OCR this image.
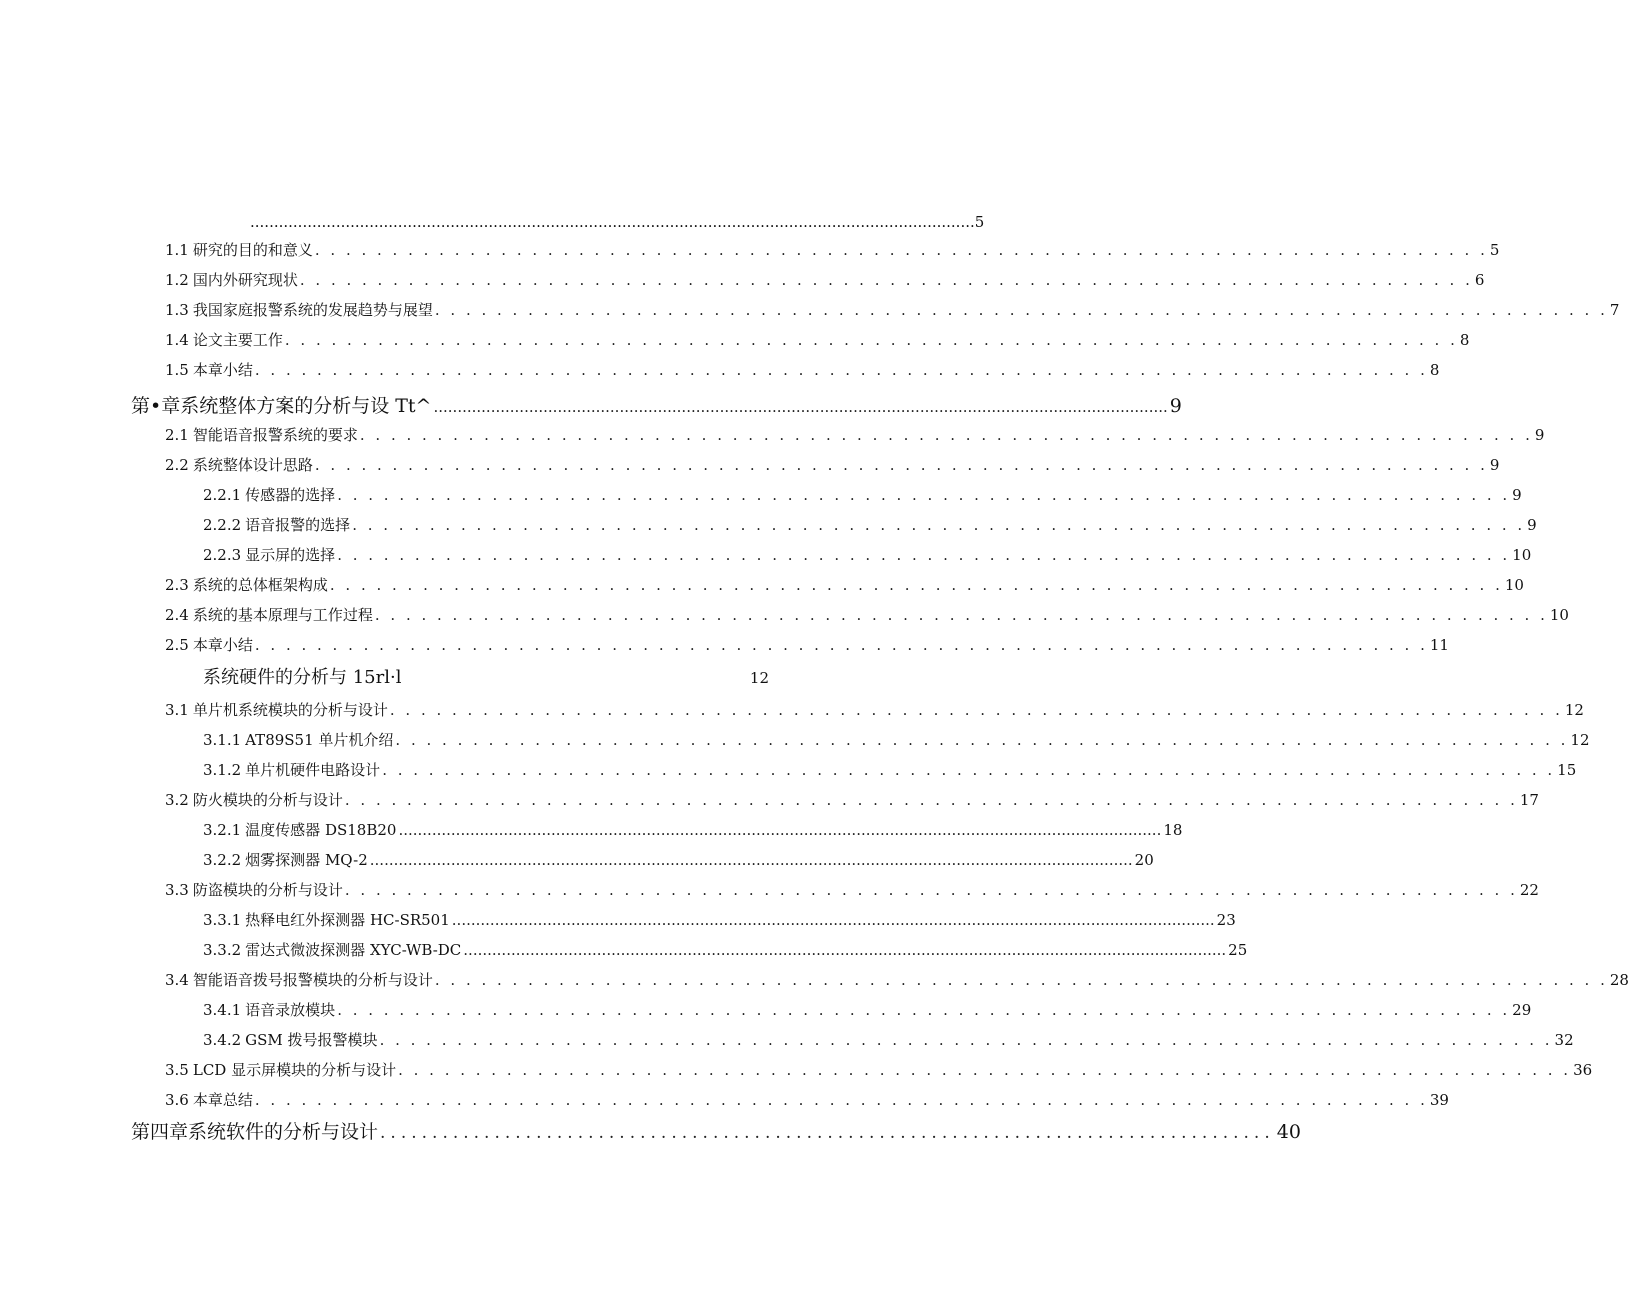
........................................................................................................................................................ 5
1.1 研究的目的和意义 . . . . . . . . . . . . . . . . . . . . . . . . . . . . . . . . . . . . . . . . . . . . . . . . . . . . . . . . . . . . . . . . . . . . . . . . . . . . 5
1.2 国内外研究现状 . . . . . . . . . . . . . . . . . . . . . . . . . . . . . . . . . . . . . . . . . . . . . . . . . . . . . . . . . . . . . . . . . . . . . . . . . . . . 6
1.3 我国家庭报警系统的发展趋势与展望 . . . . . . . . . . . . . . . . . . . . . . . . . . . . . . . . . . . . . . . . . . . . . . . . . . . . . . . . . . . . . . . . . . . . . . . . . . . . 7
1.4 论文主要工作 . . . . . . . . . . . . . . . . . . . . . . . . . . . . . . . . . . . . . . . . . . . . . . . . . . . . . . . . . . . . . . . . . . . . . . . . . . . . 8
1.5 本章小结 . . . . . . . . . . . . . . . . . . . . . . . . . . . . . . . . . . . . . . . . . . . . . . . . . . . . . . . . . . . . . . . . . . . . . . . . . . . . 8
第•章系统整体方案的分析与设 Tt^ .......................................................................................................................................................... 9
2.1 智能语音报警系统的要求 . . . . . . . . . . . . . . . . . . . . . . . . . . . . . . . . . . . . . . . . . . . . . . . . . . . . . . . . . . . . . . . . . . . . . . . . . . . . 9
2.2 系统整体设计思路 . . . . . . . . . . . . . . . . . . . . . . . . . . . . . . . . . . . . . . . . . . . . . . . . . . . . . . . . . . . . . . . . . . . . . . . . . . . . 9
2.2.1 传感器的选择 . . . . . . . . . . . . . . . . . . . . . . . . . . . . . . . . . . . . . . . . . . . . . . . . . . . . . . . . . . . . . . . . . . . . . . . . . . . . 9
2.2.2 语音报警的选择 . . . . . . . . . . . . . . . . . . . . . . . . . . . . . . . . . . . . . . . . . . . . . . . . . . . . . . . . . . . . . . . . . . . . . . . . . . . . 9
2.2.3 显示屏的选择 . . . . . . . . . . . . . . . . . . . . . . . . . . . . . . . . . . . . . . . . . . . . . . . . . . . . . . . . . . . . . . . . . . . . . . . . . . . . 10
2.3 系统的总体框架构成 . . . . . . . . . . . . . . . . . . . . . . . . . . . . . . . . . . . . . . . . . . . . . . . . . . . . . . . . . . . . . . . . . . . . . . . . . . . . 10
2.4 系统的基本原理与工作过程 . . . . . . . . . . . . . . . . . . . . . . . . . . . . . . . . . . . . . . . . . . . . . . . . . . . . . . . . . . . . . . . . . . . . . . . . . . . . 10
2.5 本章小结 . . . . . . . . . . . . . . . . . . . . . . . . . . . . . . . . . . . . . . . . . . . . . . . . . . . . . . . . . . . . . . . . . . . . . . . . . . . . 11
系统硬件的分析与 15rl·l	12
3.1 单片机系统模块的分析与设计 . . . . . . . . . . . . . . . . . . . . . . . . . . . . . . . . . . . . . . . . . . . . . . . . . . . . . . . . . . . . . . . . . . . . . . . . . . . . 12
3.1.1 AT89S51 单片机介绍 . . . . . . . . . . . . . . . . . . . . . . . . . . . . . . . . . . . . . . . . . . . . . . . . . . . . . . . . . . . . . . . . . . . . . . . . . . . . 12
3.1.2 单片机硬件电路设计 . . . . . . . . . . . . . . . . . . . . . . . . . . . . . . . . . . . . . . . . . . . . . . . . . . . . . . . . . . . . . . . . . . . . . . . . . . . . 15
3.2 防火模块的分析与设计 . . . . . . . . . . . . . . . . . . . . . . . . . . . . . . . . . . . . . . . . . . . . . . . . . . . . . . . . . . . . . . . . . . . . . . . . . . . . 17
3.2.1 温度传感器 DS18B20 ................................................................................................................................................................ 18
3.2.2 烟雾探测器 MQ-2 ................................................................................................................................................................ 20
3.3 防盗模块的分析与设计 . . . . . . . . . . . . . . . . . . . . . . . . . . . . . . . . . . . . . . . . . . . . . . . . . . . . . . . . . . . . . . . . . . . . . . . . . . . . 22
3.3.1 热释电红外探测器 HC-SR501 ................................................................................................................................................................ 23
3.3.2 雷达式微波探测器 XYC-WB-DC ................................................................................................................................................................ 25
3.4 智能语音拨号报警模块的分析与设计 . . . . . . . . . . . . . . . . . . . . . . . . . . . . . . . . . . . . . . . . . . . . . . . . . . . . . . . . . . . . . . . . . . . . . . . . . . . . 28
3.4.1 语音录放模块 . . . . . . . . . . . . . . . . . . . . . . . . . . . . . . . . . . . . . . . . . . . . . . . . . . . . . . . . . . . . . . . . . . . . . . . . . . . . 29
3.4.2 GSM 拨号报警模块 . . . . . . . . . . . . . . . . . . . . . . . . . . . . . . . . . . . . . . . . . . . . . . . . . . . . . . . . . . . . . . . . . . . . . . . . . . . . 32
3.5 LCD 显示屏模块的分析与设计 . . . . . . . . . . . . . . . . . . . . . . . . . . . . . . . . . . . . . . . . . . . . . . . . . . . . . . . . . . . . . . . . . . . . . . . . . . . . 36
3.6 本章总结 . . . . . . . . . . . . . . . . . . . . . . . . . . . . . . . . . . . . . . . . . . . . . . . . . . . . . . . . . . . . . . . . . . . . . . . . . . . . 39
第四章系统软件的分析与设计 ...................................................................................... 40
